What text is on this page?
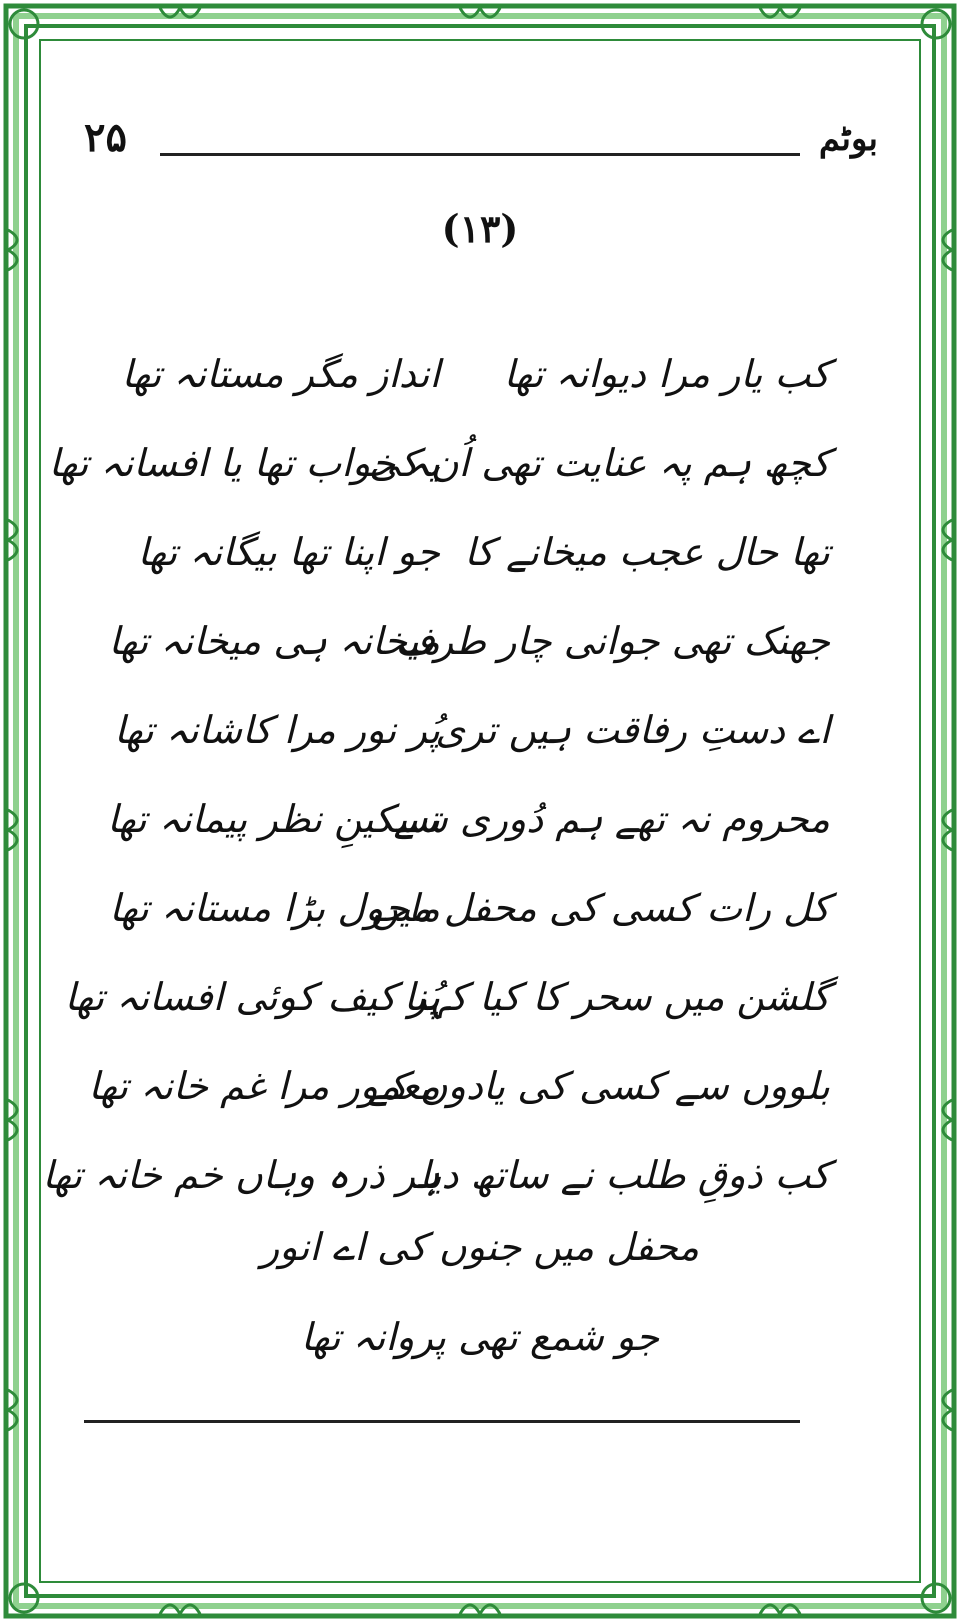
۲۵	بوٹم
(۱۳)
کب یار مرا دیوانہ تھا
انداز مگر مستانہ تھا
کچھ ہم پہ عنایت تھی اُن کی
یہ خواب تھا یا افسانہ تھا
تھا حال عجب میخانے کا
جو اپنا تھا بیگانہ تھا
جھنک تھی جوانی چار طرف
میخانہ ہی میخانہ تھا
اے دستِ رفاقت ہیں تری
پُر نور مرا کاشانہ تھا
محروم نہ تھے ہم دُوری سے
تسکینِ نظر پیمانہ تھا
کل رات کسی کی محفل میں
ماحول بڑا مستانہ تھا
گلشن میں سحر کا کیا کہنا
پُر کیف کوئی افسانہ تھا
بلووں سے کسی کی یادوں کے
معمور مرا غم خانہ تھا
کب ذوقِ طلب نے ساتھ دیا
ہر ذرہ وہاں خم خانہ تھا
محفل میں جنوں کی اے انور
جو شمع تھی پروانہ تھا
